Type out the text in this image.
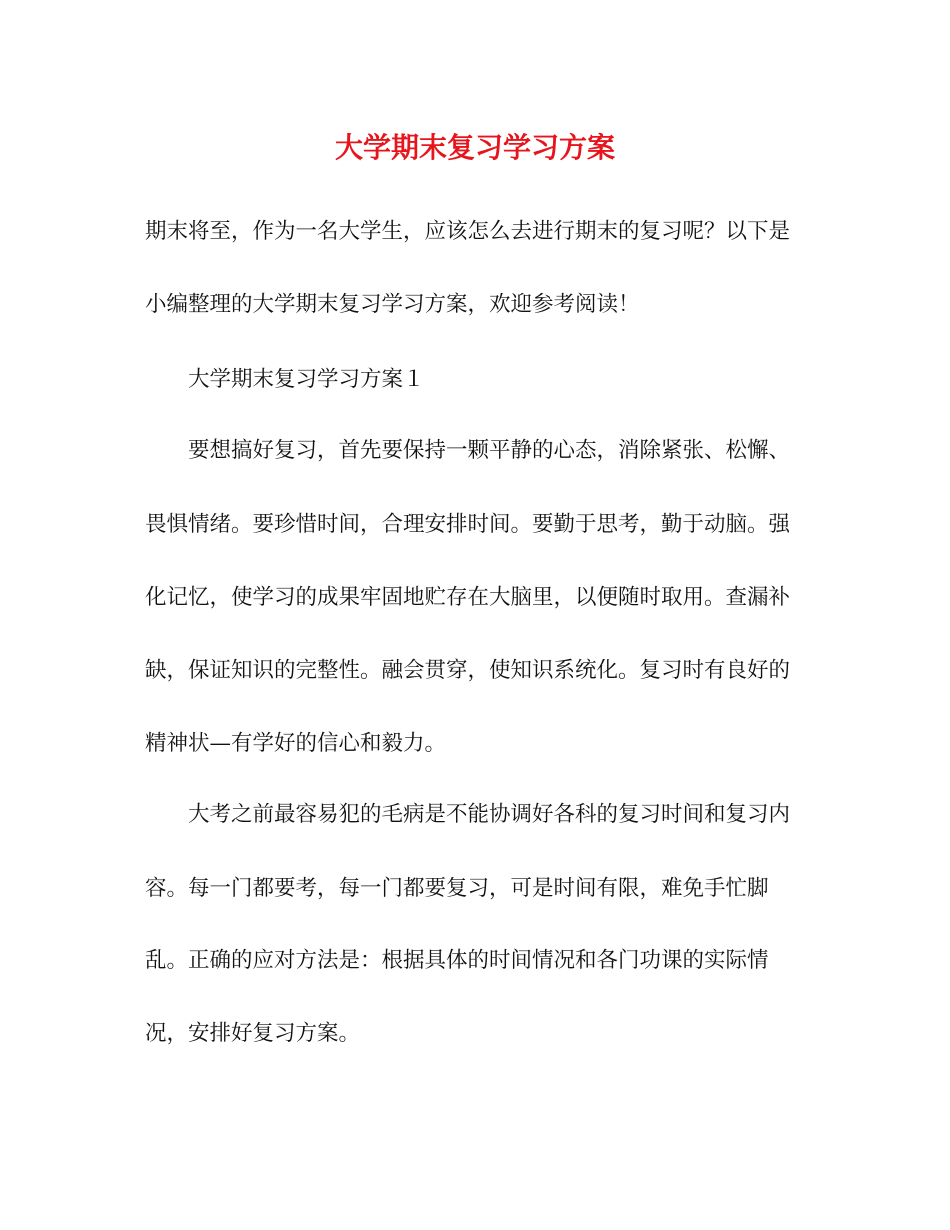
大学期末复习学习方案

期末将至，作为一名大学生，应该怎么去进行期末的复习呢？以下是

小编整理的大学期末复习学习方案，欢迎参考阅读！

大学期末复习学习方案１

要想搞好复习，首先要保持一颗平静的心态，消除紧张、松懈、

畏惧情绪。要珍惜时间，合理安排时间。要勤于思考，勤于动脑。强

化记忆，使学习的成果牢固地贮存在大脑里，以便随时取用。查漏补

缺，保证知识的完整性。融会贯穿，使知识系统化。复习时有良好的

精神状—有学好的信心和毅力。

大考之前最容易犯的毛病是不能协调好各科的复习时间和复习内

容。每一门都要考，每一门都要复习，可是时间有限，难免手忙脚

乱。正确的应对方法是：根据具体的时间情况和各门功课的实际情

况，安排好复习方案。
